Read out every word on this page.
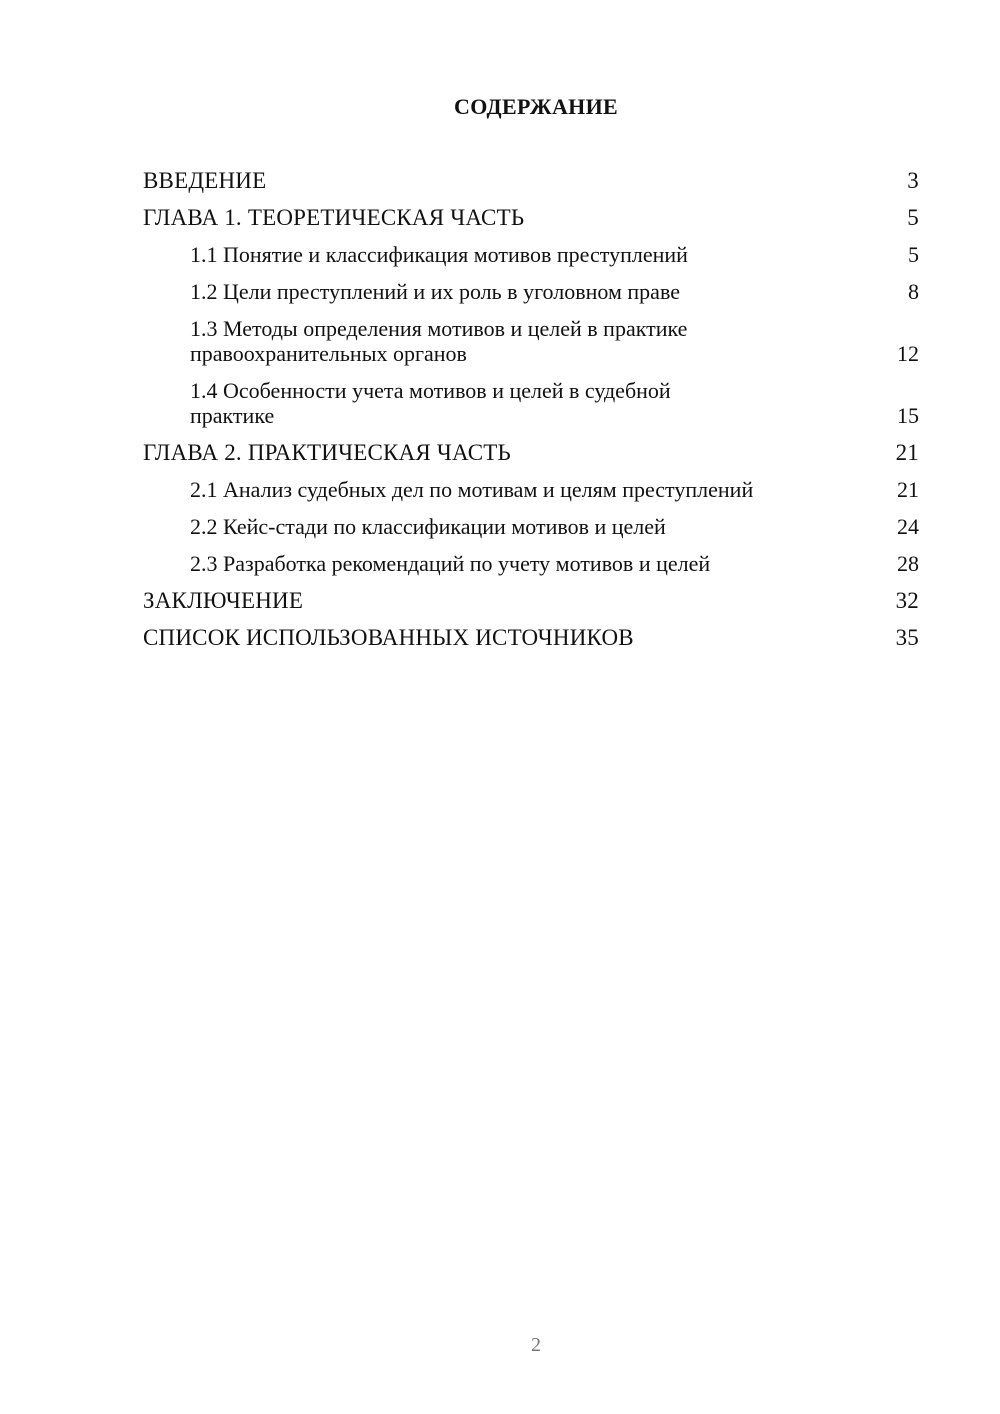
СОДЕРЖАНИЕ
ВВЕДЕНИЕ	3
ГЛАВА 1. ТЕОРЕТИЧЕСКАЯ ЧАСТЬ	5
1.1 Понятие и классификация мотивов преступлений	5
1.2 Цели преступлений и их роль в уголовном праве	8
1.3 Методы определения мотивов и целей в практике правоохранительных органов	12
1.4 Особенности учета мотивов и целей в судебной практике	15
ГЛАВА 2. ПРАКТИЧЕСКАЯ ЧАСТЬ	21
2.1 Анализ судебных дел по мотивам и целям преступлений	21
2.2 Кейс-стади по классификации мотивов и целей	24
2.3 Разработка рекомендаций по учету мотивов и целей	28
ЗАКЛЮЧЕНИЕ	32
СПИСОК ИСПОЛЬЗОВАННЫХ ИСТОЧНИКОВ	35
2
